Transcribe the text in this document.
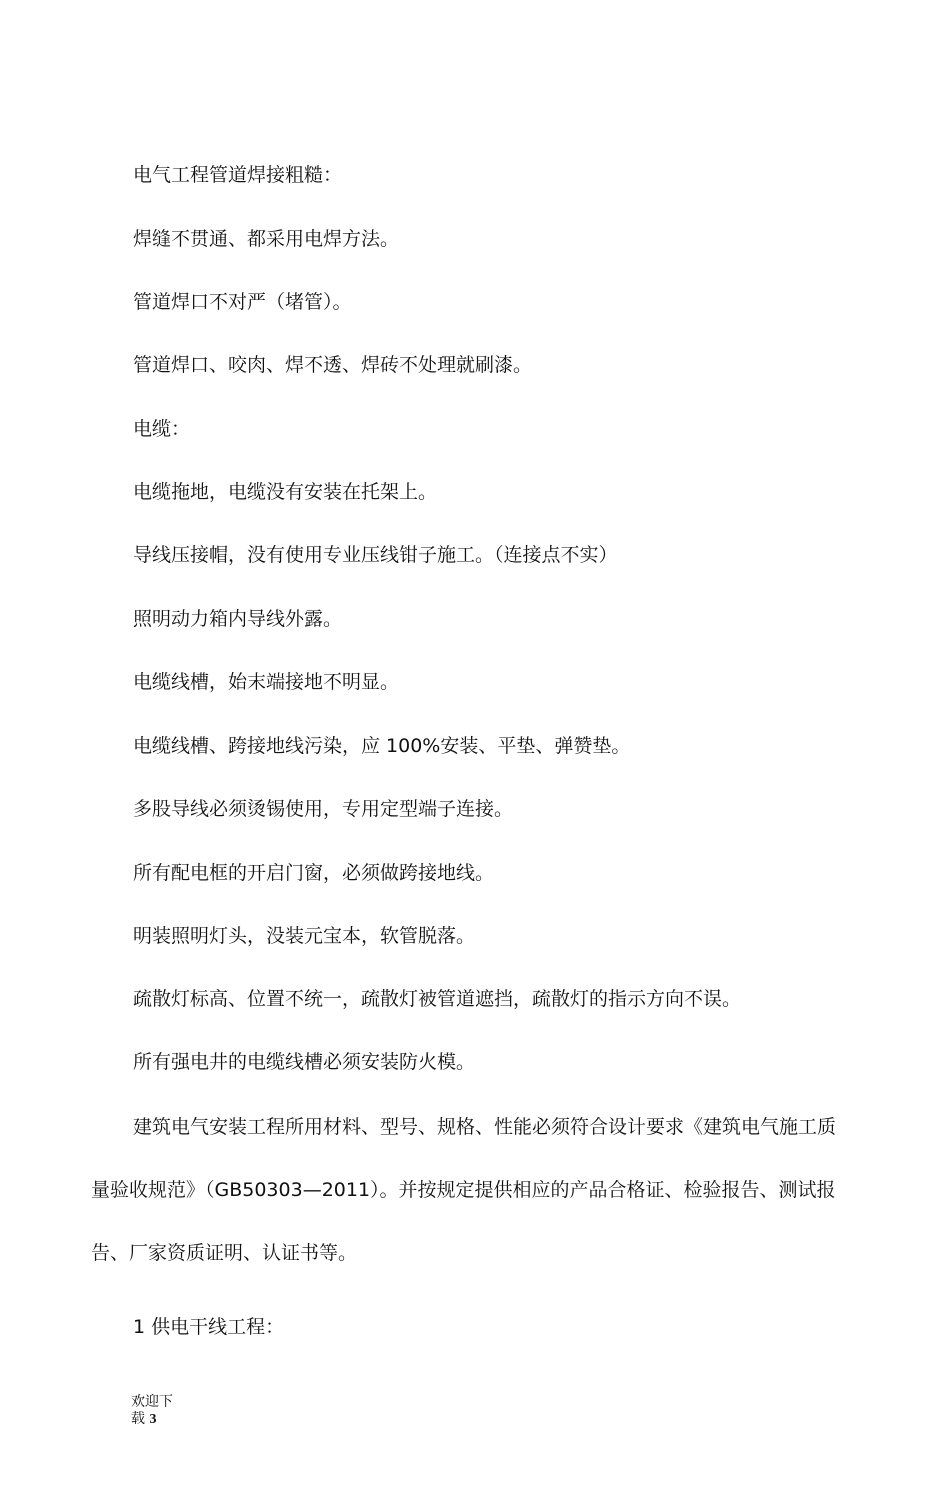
电气工程管道焊接粗糙：

焊缝不贯通、都采用电焊方法。

管道焊口不对严（堵管）。

管道焊口、咬肉、焊不透、焊砖不处理就刷漆。

电缆：

电缆拖地，电缆没有安装在托架上。

导线压接帽，没有使用专业压线钳子施工。（连接点不实）

照明动力箱内导线外露。

电缆线槽，始末端接地不明显。

电缆线槽、跨接地线污染，应 100%安装、平垫、弹赞垫。

多股导线必须烫锡使用，专用定型端子连接。

所有配电框的开启门窗，必须做跨接地线。

明装照明灯头，没装元宝本，软管脱落。

疏散灯标高、位置不统一，疏散灯被管道遮挡，疏散灯的指示方向不误。

所有强电井的电缆线槽必须安装防火模。

建筑电气安装工程所用材料、型号、规格、性能必须符合设计要求《建筑电气施工质
量验收规范》（GB50303—2011）。并按规定提供相应的产品合格证、检验报告、测试报
告、厂家资质证明、认证书等。

1 供电干线工程：

欢迎下
载 3
